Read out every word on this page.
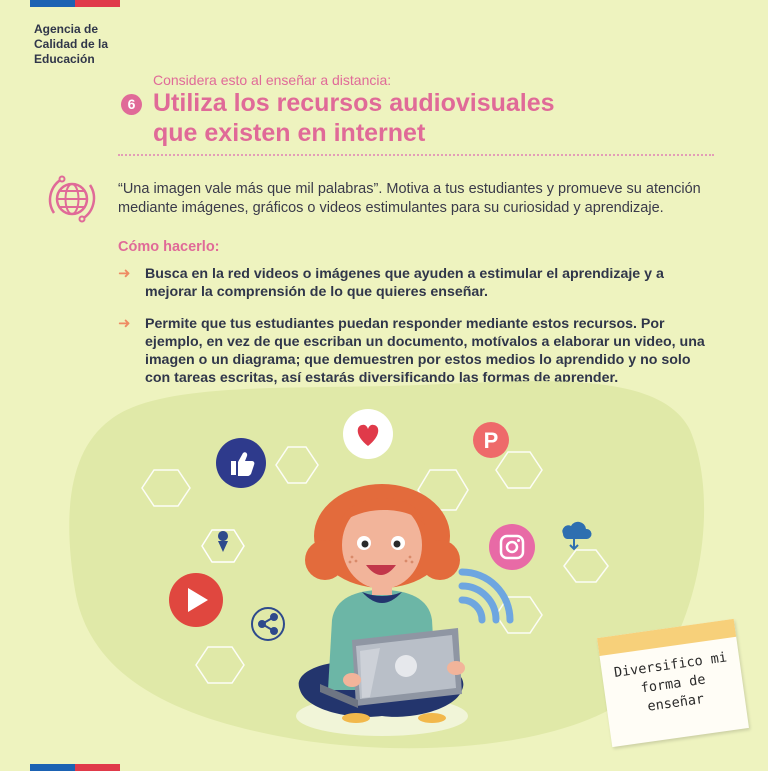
Agencia de
Calidad de la
Educación
Considera esto al enseñar a distancia:
6 Utiliza los recursos audiovisuales que existen en internet

“Una imagen vale más que mil palabras”. Motiva a tus estudiantes y promueve su atención mediante imágenes, gráficos o videos estimulantes para su curiosidad y aprendizaje.

Cómo hacerlo:

➜	Busca en la red videos o imágenes que ayuden a estimular el aprendizaje y a mejorar la comprensión de lo que quieres enseñar.
➜	Permite que tus estudiantes puedan responder mediante estos recursos. Por ejemplo, en vez de que escriban un documento, motívalos a elaborar un video, una imagen o un diagrama; que demuestren por estos medios lo aprendido y no solo con tareas escritas, así estarás diversificando las formas de aprender.
P
Diversifico mi
forma de
enseñar
